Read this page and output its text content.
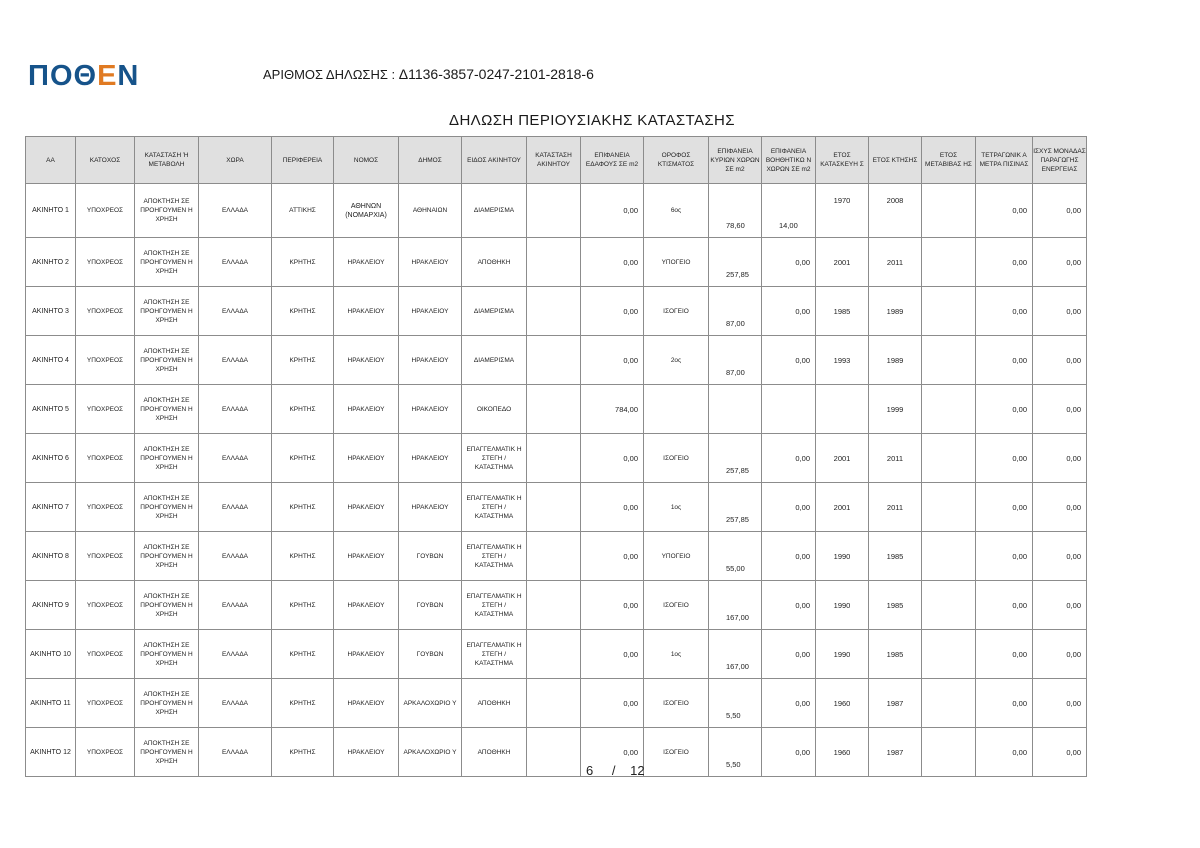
ΠΟΘΕΝ	ΑΡΙΘΜΟΣ ΔΗΛΩΣΗΣ : Δ1136-3857-0247-2101-2818-6
ΔΗΛΩΣΗ ΠΕΡΙΟΥΣΙΑΚΗΣ ΚΑΤΑΣΤΑΣΗΣ
ΑΑ	ΚΑΤΟΧΟΣ	ΚΑΤΑΣΤΑΣΗ Ή ΜΕΤΑΒΟΛΗ	ΧΩΡΑ	ΠΕΡΙΦΕΡΕΙΑ	ΝΟΜΟΣ	ΔΗΜΟΣ	ΕΙΔΟΣ ΑΚΙΝΗΤΟΥ	ΚΑΤΑΣΤΑΣΗ ΑΚΙΝΗΤΟΥ	ΕΠΙΦΑΝΕΙΑ ΕΔΑΦΟΥΣ ΣΕ m2	ΟΡΟΦΟΣ ΚΤΙΣΜΑΤΟΣ	ΕΠΙΦΑΝΕΙΑ ΚΥΡΙΩΝ ΧΩΡΩΝ ΣΕ m2	ΕΠΙΦΑΝΕΙΑ ΒΟΗΘΗΤΙΚΩ Ν ΧΩΡΩΝ ΣΕ m2	ΕΤΟΣ ΚΑΤΑΣΚΕΥΗ Σ	ΕΤΟΣ ΚΤΗΣΗΣ	ΕΤΟΣ ΜΕΤΑΒΙΒΑΣ ΗΣ	ΤΕΤΡΑΓΩΝΙΚ Α ΜΕΤΡΑ ΠΙΣΙΝΑΣ	ΙΣΧΥΣ ΜΟΝΑΔΑΣ ΠΑΡΑΓΩΓΗΣ ΕΝΕΡΓΕΙΑΣ
ΑΚΙΝΗΤΟ 1	ΥΠΟΧΡΕΟΣ	ΑΠΟΚΤΗΣΗ ΣΕ ΠΡΟΗΓΟΥΜΕΝ Η ΧΡΗΣΗ	ΕΛΛΑΔΑ	ΑΤΤΙΚΗΣ	ΑΘΗΝΩΝ (ΝΟΜΑΡΧΙΑ)	ΑΘΗΝΑΙΩΝ	ΔΙΑΜΕΡΙΣΜΑ		0,00	6ος	78,60	14,00	1970	2008		0,00	0,00
ΑΚΙΝΗΤΟ 2	ΥΠΟΧΡΕΟΣ	ΑΠΟΚΤΗΣΗ ΣΕ ΠΡΟΗΓΟΥΜΕΝ Η ΧΡΗΣΗ	ΕΛΛΑΔΑ	ΚΡΗΤΗΣ	ΗΡΑΚΛΕΙΟΥ	ΗΡΑΚΛΕΙΟΥ	ΑΠΟΘΗΚΗ		0,00	ΥΠΟΓΕΙΟ	257,85	0,00	2001	2011		0,00	0,00
ΑΚΙΝΗΤΟ 3	ΥΠΟΧΡΕΟΣ	ΑΠΟΚΤΗΣΗ ΣΕ ΠΡΟΗΓΟΥΜΕΝ Η ΧΡΗΣΗ	ΕΛΛΑΔΑ	ΚΡΗΤΗΣ	ΗΡΑΚΛΕΙΟΥ	ΗΡΑΚΛΕΙΟΥ	ΔΙΑΜΕΡΙΣΜΑ		0,00	ΙΣΟΓΕΙΟ	87,00	0,00	1985	1989		0,00	0,00
ΑΚΙΝΗΤΟ 4	ΥΠΟΧΡΕΟΣ	ΑΠΟΚΤΗΣΗ ΣΕ ΠΡΟΗΓΟΥΜΕΝ Η ΧΡΗΣΗ	ΕΛΛΑΔΑ	ΚΡΗΤΗΣ	ΗΡΑΚΛΕΙΟΥ	ΗΡΑΚΛΕΙΟΥ	ΔΙΑΜΕΡΙΣΜΑ		0,00	2ος	87,00	0,00	1993	1989		0,00	0,00
ΑΚΙΝΗΤΟ 5	ΥΠΟΧΡΕΟΣ	ΑΠΟΚΤΗΣΗ ΣΕ ΠΡΟΗΓΟΥΜΕΝ Η ΧΡΗΣΗ	ΕΛΛΑΔΑ	ΚΡΗΤΗΣ	ΗΡΑΚΛΕΙΟΥ	ΗΡΑΚΛΕΙΟΥ	ΟΙΚΟΠΕΔΟ		784,00					1999		0,00	0,00
ΑΚΙΝΗΤΟ 6	ΥΠΟΧΡΕΟΣ	ΑΠΟΚΤΗΣΗ ΣΕ ΠΡΟΗΓΟΥΜΕΝ Η ΧΡΗΣΗ	ΕΛΛΑΔΑ	ΚΡΗΤΗΣ	ΗΡΑΚΛΕΙΟΥ	ΗΡΑΚΛΕΙΟΥ	ΕΠΑΓΓΕΛΜΑΤΙΚ Η ΣΤΕΓΗ / ΚΑΤΑΣΤΗΜΑ		0,00	ΙΣΟΓΕΙΟ	257,85	0,00	2001	2011		0,00	0,00
ΑΚΙΝΗΤΟ 7	ΥΠΟΧΡΕΟΣ	ΑΠΟΚΤΗΣΗ ΣΕ ΠΡΟΗΓΟΥΜΕΝ Η ΧΡΗΣΗ	ΕΛΛΑΔΑ	ΚΡΗΤΗΣ	ΗΡΑΚΛΕΙΟΥ	ΗΡΑΚΛΕΙΟΥ	ΕΠΑΓΓΕΛΜΑΤΙΚ Η ΣΤΕΓΗ / ΚΑΤΑΣΤΗΜΑ		0,00	1ος	257,85	0,00	2001	2011		0,00	0,00
ΑΚΙΝΗΤΟ 8	ΥΠΟΧΡΕΟΣ	ΑΠΟΚΤΗΣΗ ΣΕ ΠΡΟΗΓΟΥΜΕΝ Η ΧΡΗΣΗ	ΕΛΛΑΔΑ	ΚΡΗΤΗΣ	ΗΡΑΚΛΕΙΟΥ	ΓΟΥΒΩΝ	ΕΠΑΓΓΕΛΜΑΤΙΚ Η ΣΤΕΓΗ / ΚΑΤΑΣΤΗΜΑ		0,00	ΥΠΟΓΕΙΟ	55,00	0,00	1990	1985		0,00	0,00
ΑΚΙΝΗΤΟ 9	ΥΠΟΧΡΕΟΣ	ΑΠΟΚΤΗΣΗ ΣΕ ΠΡΟΗΓΟΥΜΕΝ Η ΧΡΗΣΗ	ΕΛΛΑΔΑ	ΚΡΗΤΗΣ	ΗΡΑΚΛΕΙΟΥ	ΓΟΥΒΩΝ	ΕΠΑΓΓΕΛΜΑΤΙΚ Η ΣΤΕΓΗ / ΚΑΤΑΣΤΗΜΑ		0,00	ΙΣΟΓΕΙΟ	167,00	0,00	1990	1985		0,00	0,00
ΑΚΙΝΗΤΟ 10	ΥΠΟΧΡΕΟΣ	ΑΠΟΚΤΗΣΗ ΣΕ ΠΡΟΗΓΟΥΜΕΝ Η ΧΡΗΣΗ	ΕΛΛΑΔΑ	ΚΡΗΤΗΣ	ΗΡΑΚΛΕΙΟΥ	ΓΟΥΒΩΝ	ΕΠΑΓΓΕΛΜΑΤΙΚ Η ΣΤΕΓΗ / ΚΑΤΑΣΤΗΜΑ		0,00	1ος	167,00	0,00	1990	1985		0,00	0,00
ΑΚΙΝΗΤΟ 11	ΥΠΟΧΡΕΟΣ	ΑΠΟΚΤΗΣΗ ΣΕ ΠΡΟΗΓΟΥΜΕΝ Η ΧΡΗΣΗ	ΕΛΛΑΔΑ	ΚΡΗΤΗΣ	ΗΡΑΚΛΕΙΟΥ	ΑΡΚΑΛΟΧΩΡΙΟ Υ	ΑΠΟΘΗΚΗ		0,00	ΙΣΟΓΕΙΟ	5,50	0,00	1960	1987		0,00	0,00
ΑΚΙΝΗΤΟ 12	ΥΠΟΧΡΕΟΣ	ΑΠΟΚΤΗΣΗ ΣΕ ΠΡΟΗΓΟΥΜΕΝ Η ΧΡΗΣΗ	ΕΛΛΑΔΑ	ΚΡΗΤΗΣ	ΗΡΑΚΛΕΙΟΥ	ΑΡΚΑΛΟΧΩΡΙΟ Υ	ΑΠΟΘΗΚΗ		0,00	ΙΣΟΓΕΙΟ	5,50	0,00	1960	1987		0,00	0,00
6 / 12
